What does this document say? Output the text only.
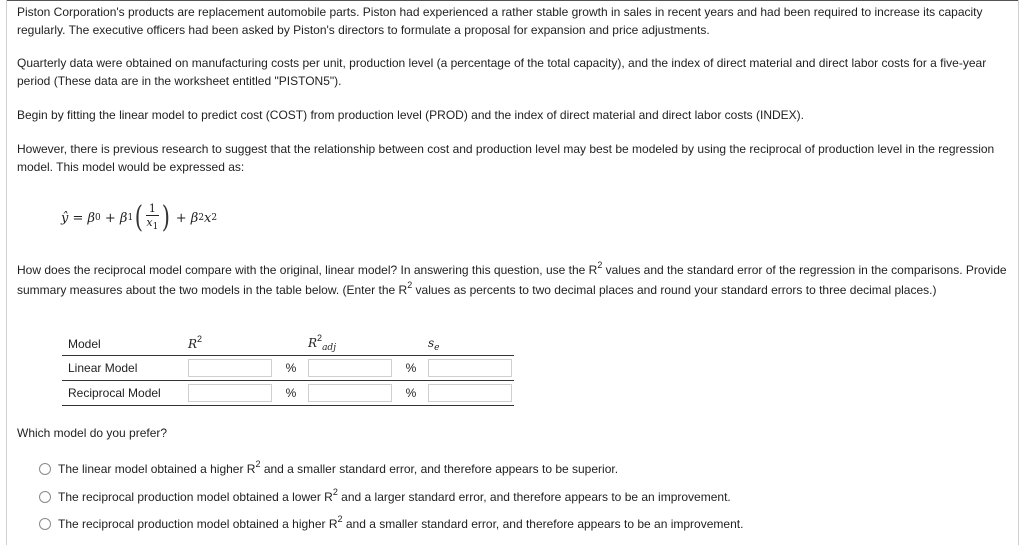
Piston Corporation's products are replacement automobile parts. Piston had experienced a rather stable growth in sales in recent years and had been required to increase its capacity regularly. The executive officers had been asked by Piston's directors to formulate a proposal for expansion and price adjustments.

Quarterly data were obtained on manufacturing costs per unit, production level (a percentage of the total capacity), and the index of direct material and direct labor costs for a five-year period (These data are in the worksheet entitled "PISTON5").

Begin by fitting the linear model to predict cost (COST) from production level (PROD) and the index of direct material and direct labor costs (INDEX).

However, there is previous research to suggest that the relationship between cost and production level may best be modeled by using the reciprocal of production level in the regression model. This model would be expressed as:

ŷ = β 0 + β 1 ( $\frac{1}{x_1}$ ) + β 2 x 2

How does the reciprocal model compare with the original, linear model? In answering this question, use the $R^2$ values and the standard error of the regression in the comparisons. Provide summary measures about the two models in the table below. (Enter the $R^2$ values as percents to two decimal places and round your standard errors to three decimal places.)

Model	$R^2$		$R^2_{adj}$		$s_e$
Linear Model		%		%	
Reciprocal Model		%		%	

Which model do you prefer?

The linear model obtained a higher $R^2$ and a smaller standard error, and therefore appears to be superior.
The reciprocal production model obtained a lower $R^2$ and a larger standard error, and therefore appears to be an improvement.
The reciprocal production model obtained a higher $R^2$ and a smaller standard error, and therefore appears to be an improvement.
